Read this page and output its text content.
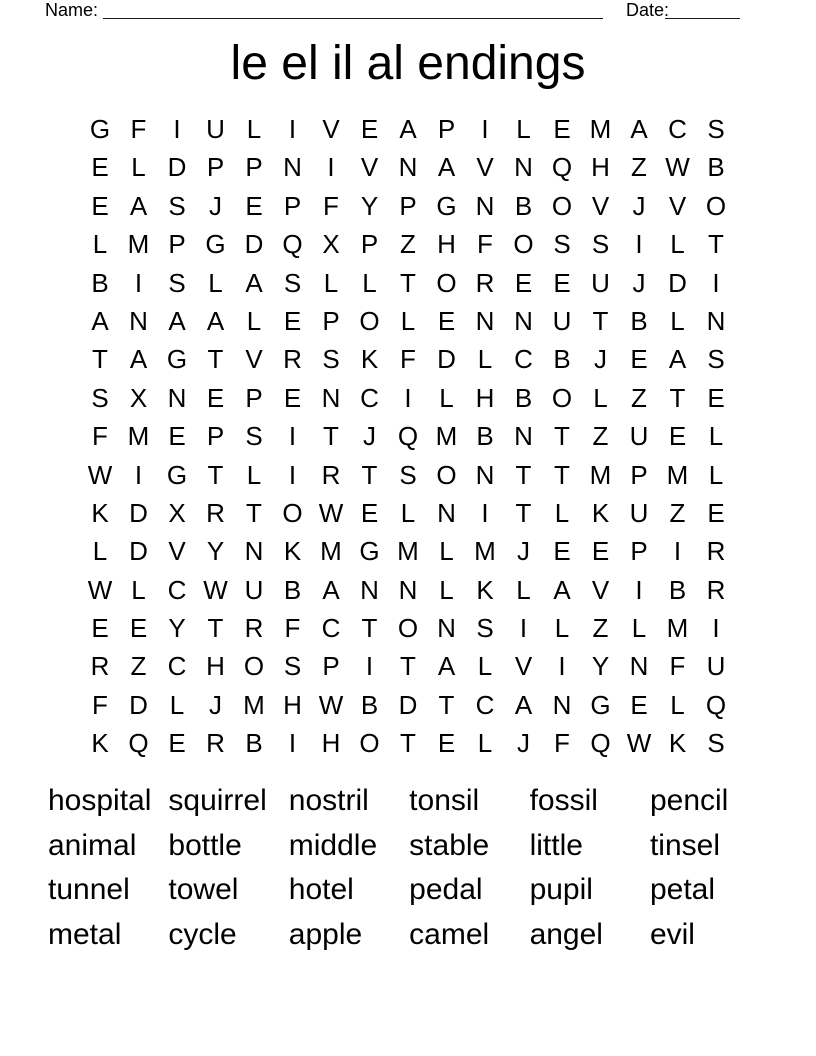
Name:	Date:
le el il al endings
G F	I U L	I	V E A P	I	L E M A C S
E L D P P N I	V N A V N Q H Z W B
E A S J E P F Y P G N B O V J V O
L M P G D Q X P Z H F O S S	I	L T
B	I	S L A S L L T O R E E U J D I
A N A A L E P O L E N N U T B L N
T A G T V R S K F D L C B J E A S
S X N E P E N C I	L H B O L Z T E
F M E P S	I	T J Q M B N T Z U E L
W I G T L	I R T S O N T T M P M L
K D X R T O W E L N I	T L K U Z E
L D V Y N K M G M L M J E E P	I R
W L C W U B A N N L K L A V	I	B R
E E Y T R F C T O N S	I	L Z L M I
R Z C H O S P	I	T A L V	I	Y N F U
F D L J M H W B D T C A N G E L Q
K Q E R B	I H O T E L J F Q W K S
hospital squirrel nostril	tonsil	fossil	pencil
animal	bottle	middle	stable	little	tinsel
tunnel	towel	hotel	pedal	pupil	petal
metal	cycle	apple	camel	angel	evil
